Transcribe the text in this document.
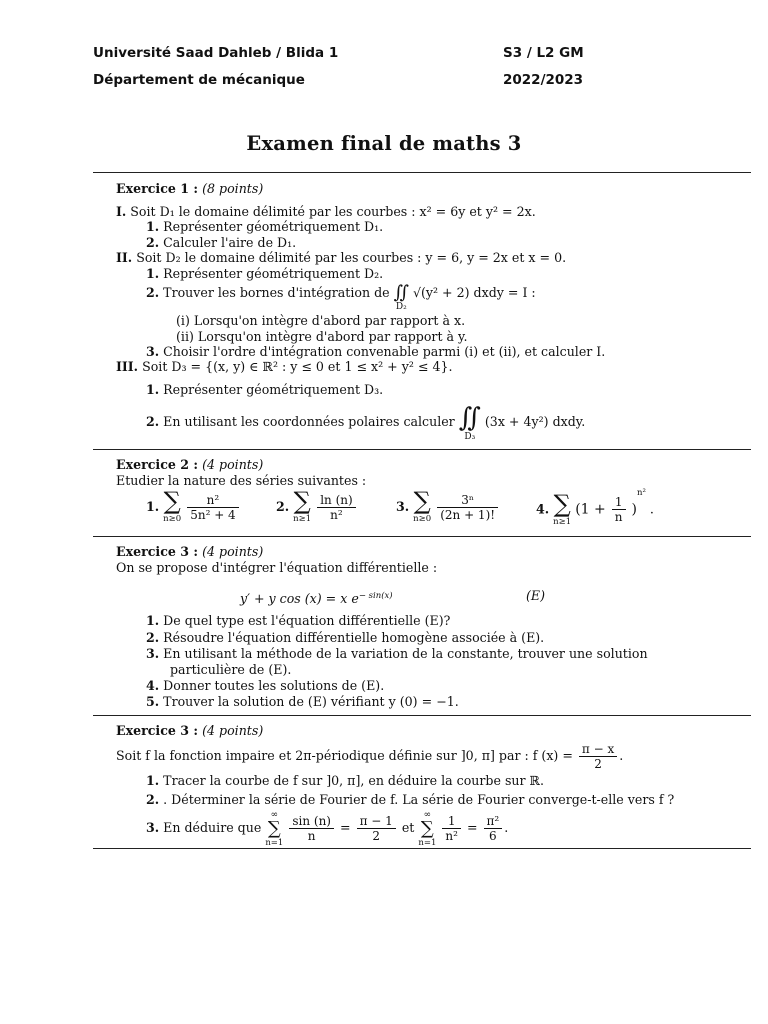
Université Saad Dahleb / Blida 1
Département de mécanique
S3 / L2 GM
2022/2023
Examen final de maths 3
Exercice 1 : (8 points)
I. Soit D₁ le domaine délimité par les courbes : x² = 6y et y² = 2x.
1. Représenter géométriquement D₁.
2. Calculer l'aire de D₁.
II. Soit D₂ le domaine délimité par les courbes : y = 6, y = 2x et x = 0.
1. Représenter géométriquement D₂.
2. Trouver les bornes d'intégration de ∬
D₂
√(y² + 2) dxdy = I :
(i) Lorsqu'on intègre d'abord par rapport à x.
(ii) Lorsqu'on intègre d'abord par rapport à y.
3. Choisir l'ordre d'intégration convenable parmi (i) et (ii), et calculer I.
III. Soit D₃ = {(x, y) ∈ ℝ² : y ≤ 0 et 1 ≤ x² + y² ≤ 4}.
1. Représenter géométriquement D₃.
2. En utilisant les coordonnées polaires calculer ∬
D₃
(3x + 4y²) dxdy.
Exercice 2 : (4 points)
Etudier la nature des séries suivantes :
1. ∑
n≥0
$\frac{\text{n²}}{\text{5n² + 4}}$	2. ∑
n≥1
$\frac{\ln (n)}{\text{n²}}$	3. ∑
n≥0
$\frac{\text{3ⁿ}}{(2n + 1)!}$	4. ∑
n≥1
$(1 + \frac{1}{n} )^{n^2}$ .
Exercice 3 : (4 points)
On se propose d'intégrer l'équation différentielle :
y′ + y cos (x) = x $e^{- sin(x)}$	(E)
1. De quel type est l'équation différentielle (E)?
2. Résoudre l'équation différentielle homogène associée à (E).
3. En utilisant la méthode de la variation de la constante, trouver une solution
particulière de (E).
4. Donner toutes les solutions de (E).
5. Trouver la solution de (E) vérifiant y (0) = −1.
Exercice 3 : (4 points)
Soit f la fonction impaire et 2π-périodique définie sur ]0, π] par : f $(x) = \frac{\pi - x}{2}$ .
1. Tracer la courbe de f sur ]0, π], en déduire la courbe sur ℝ.
2. . Déterminer la série de Fourier de f. La série de Fourier converge-t-elle vers f ?
3. En déduire que
∞
∑
n=1
$\frac{\sin (n)}{n} = \frac{\pi - 1}{2}$ et
∞
∑
n=1
$\frac{1}{\text{n²}} = \frac{\text{π²}}{6}$ .
